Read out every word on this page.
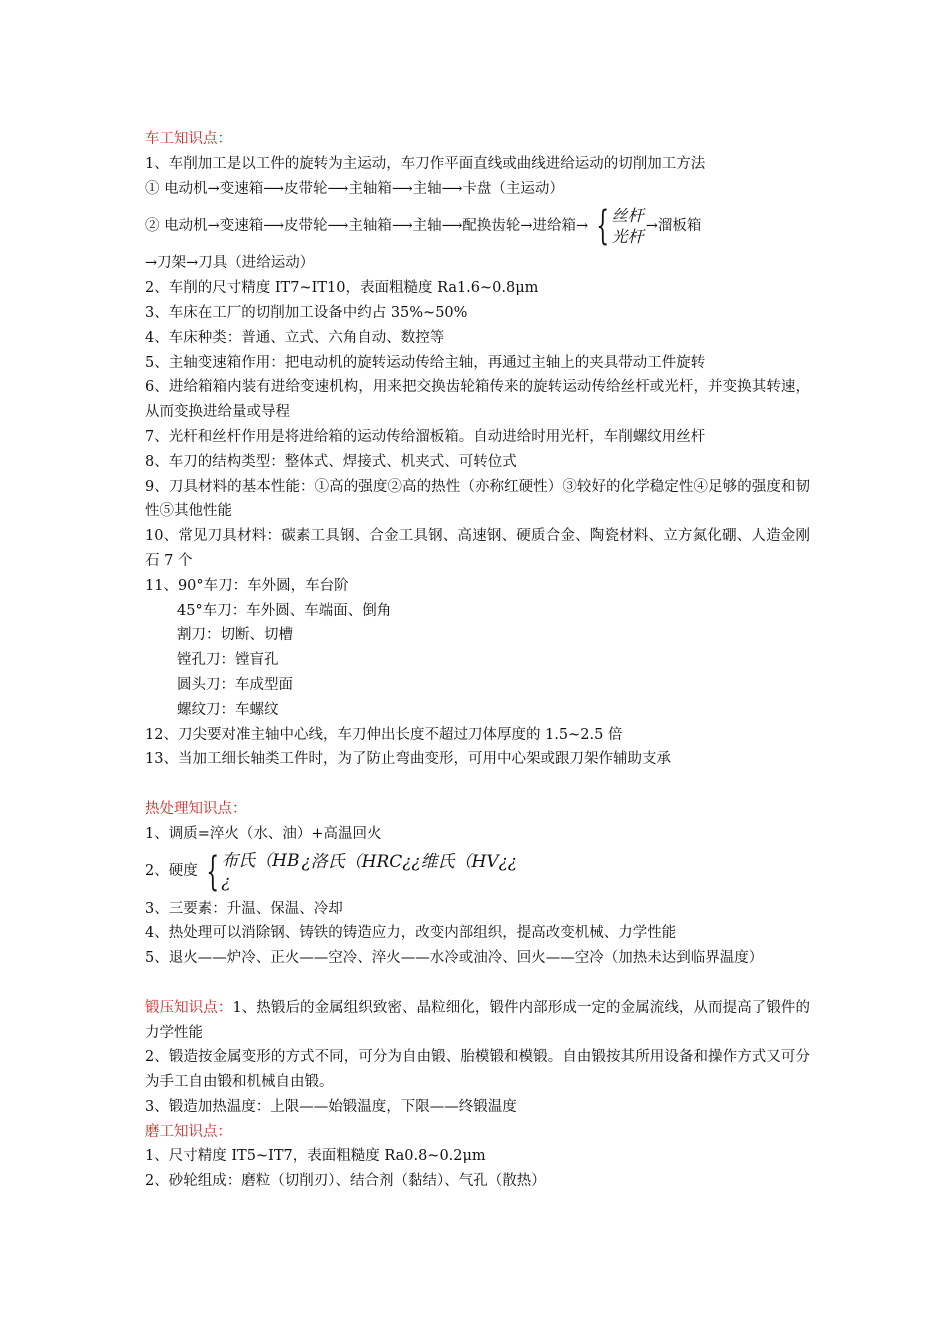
车工知识点：
1、车削加工是以工件的旋转为主运动，车刀作平面直线或曲线进给运动的切削加工方法
① 电动机→变速箱⟶皮带轮⟶主轴箱⟶主轴⟶卡盘（主运动）
② 电动机→变速箱⟶皮带轮⟶主轴箱⟶主轴⟶配换齿轮→进给箱→ { 丝杆
光杆
→溜板箱
→刀架→刀具（进给运动）
2、车削的尺寸精度 IT7~IT10，表面粗糙度 Ra1.6~0.8μm
3、车床在工厂的切削加工设备中约占 35%~50%
4、车床种类：普通、立式、六角自动、数控等
5、主轴变速箱作用：把电动机的旋转运动传给主轴，再通过主轴上的夹具带动工件旋转
6、进给箱箱内装有进给变速机构，用来把交换齿轮箱传来的旋转运动传给丝杆或光杆，并变换其转速，从而变换进给量或导程
7、光杆和丝杆作用是将进给箱的运动传给溜板箱。自动进给时用光杆，车削螺纹用丝杆
8、车刀的结构类型：整体式、焊接式、机夹式、可转位式
9、刀具材料的基本性能：①高的强度②高的热性（亦称红硬性）③较好的化学稳定性④足够的强度和韧性⑤其他性能
10、常见刀具材料：碳素工具钢、合金工具钢、高速钢、硬质合金、陶瓷材料、立方氮化硼、人造金刚石 7 个
11、90°车刀：车外圆，车台阶
45°车刀：车外圆、车端面、倒角
割刀：切断、切槽
镗孔刀：镗盲孔
圆头刀：车成型面
螺纹刀：车螺纹
12、刀尖要对准主轴中心线，车刀伸出长度不超过刀体厚度的 1.5~2.5 倍
13、当加工细长轴类工件时，为了防止弯曲变形，可用中心架或跟刀架作辅助支承
热处理知识点：
1、调质=淬火（水、油）+高温回火
2、硬度 { 布氏（HB
¿
¿洛氏（HRC¿¿维氏（HV¿¿
3、三要素：升温、保温、冷却
4、热处理可以消除钢、铸铁的铸造应力，改变内部组织，提高改变机械、力学性能
5、退火——炉冷、正火——空冷、淬火——水冷或油冷、回火——空冷（加热未达到临界温度）
锻压知识点：1、热锻后的金属组织致密、晶粒细化，锻件内部形成一定的金属流线，从而提高了锻件的力学性能
2、锻造按金属变形的方式不同，可分为自由锻、胎模锻和模锻。自由锻按其所用设备和操作方式又可分为手工自由锻和机械自由锻。
3、锻造加热温度：上限——始锻温度，下限——终锻温度
磨工知识点：
1、尺寸精度 IT5~IT7，表面粗糙度 Ra0.8~0.2μm
2、砂轮组成：磨粒（切削刃）、结合剂（黏结）、气孔（散热）
